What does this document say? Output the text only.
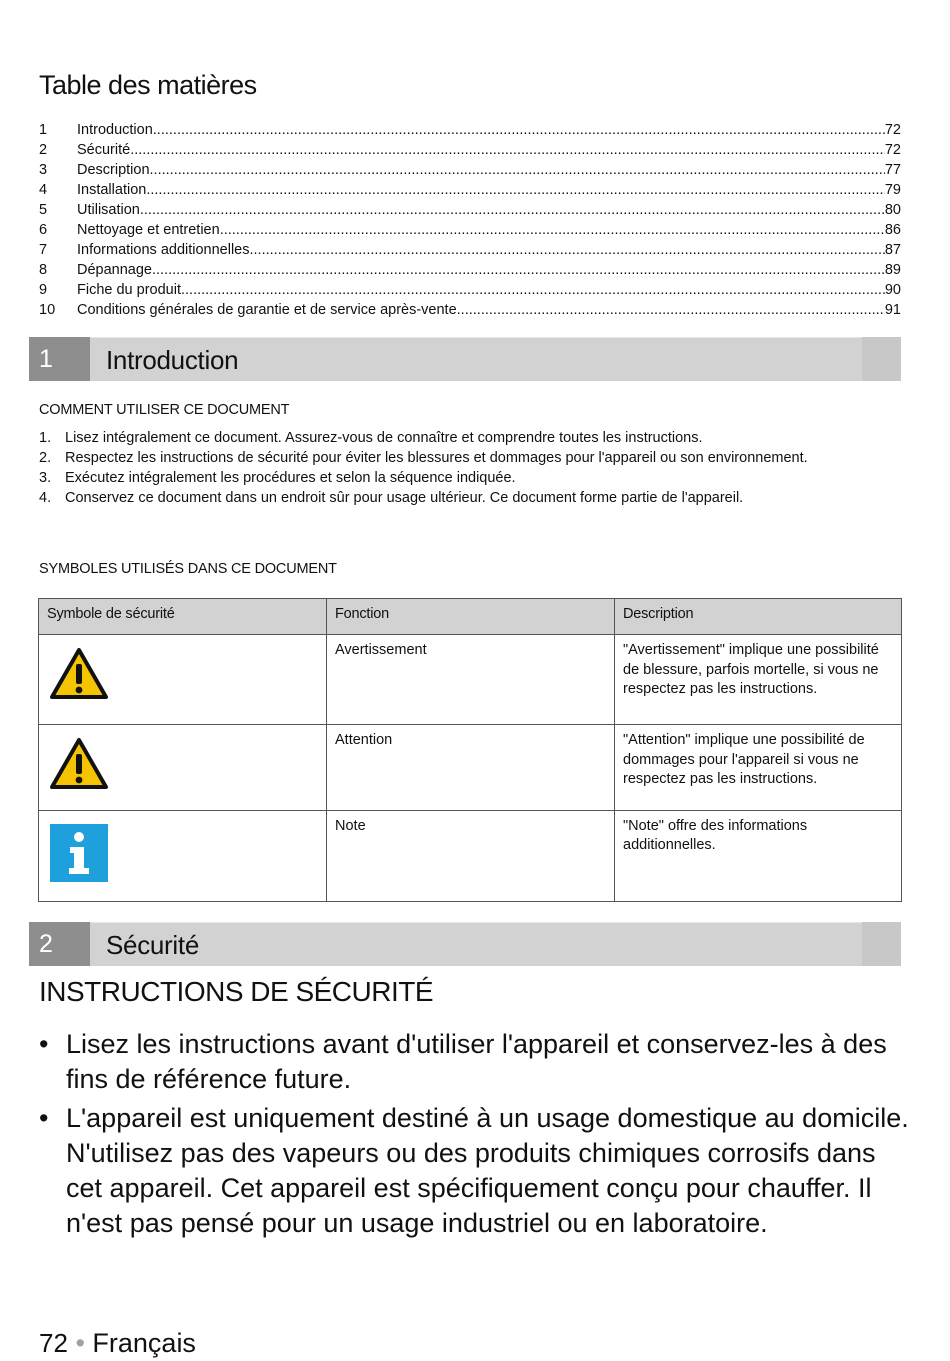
Table des matières
1	Introduction .....	72
2	Sécurité .....	72
3	Description .....	77
4	Installation .....	79
5	Utilisation .....	80
6	Nettoyage et entretien .....	86
7	Informations additionnelles .....	87
8	Dépannage .....	89
9	Fiche du produit .....	90
10	Conditions générales de garantie et de service après-vente .....	91
1	Introduction
COMMENT UTILISER CE DOCUMENT
1. Lisez intégralement ce document. Assurez-vous de connaître et comprendre toutes les instructions.
2. Respectez les instructions de sécurité pour éviter les blessures et dommages pour l'appareil ou son environnement.
3. Exécutez intégralement les procédures et selon la séquence indiquée.
4. Conservez ce document dans un endroit sûr pour usage ultérieur. Ce document forme partie de l'appareil.
SYMBOLES UTILISÉS DANS CE DOCUMENT
Symbole de sécurité	Fonction	Description
	Avertissement	"Avertissement" implique une possibilité de blessure, parfois mortelle, si vous ne respectez pas les instructions.
	Attention	"Attention" implique une possibilité de dommages pour l'appareil si vous ne respectez pas les instructions.
	Note	"Note" offre des informations additionnelles.
2	Sécurité
INSTRUCTIONS DE SÉCURITÉ
• Lisez les instructions avant d'utiliser l'appareil et conservez-les à des fins de référence future.
• L'appareil est uniquement destiné à un usage domestique au domicile. N'utilisez pas des vapeurs ou des produits chimiques corrosifs dans cet appareil. Cet appareil est spécifiquement conçu pour chauffer. Il n'est pas pensé pour un usage industriel ou en laboratoire.
72 • Français
